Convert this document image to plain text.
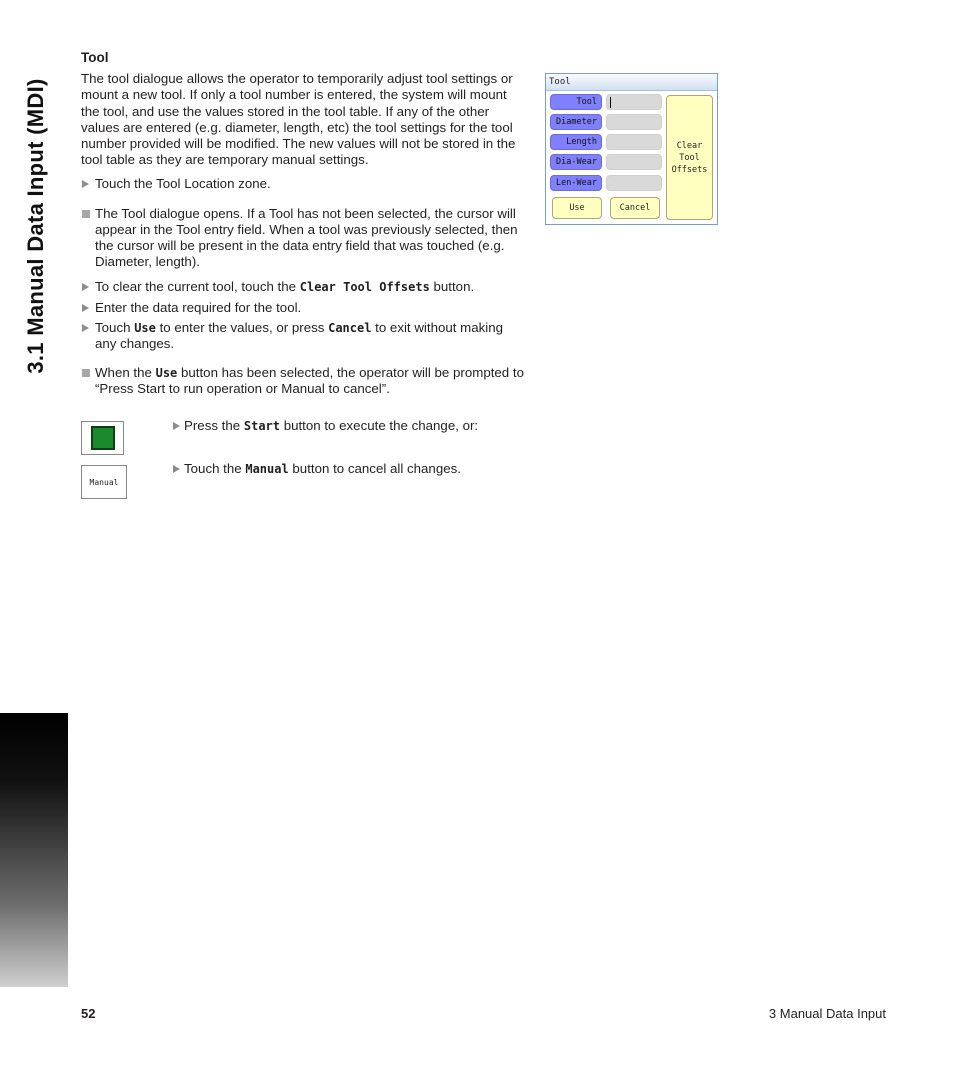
3.1 Manual Data Input (MDI)
Tool

The tool dialogue allows the operator to temporarily adjust tool settings or mount a new tool. If only a tool number is entered, the system will mount the tool, and use the values stored in the tool table. If any of the other values are entered (e.g. diameter, length, etc) the tool settings for the tool number provided will be modified. The new values will not be stored in the tool table as they are temporary manual settings.

Touch the Tool Location zone.
The Tool dialogue opens. If a Tool has not been selected, the cursor will appear in the Tool entry field. When a tool was previously selected, then the cursor will be present in the data entry field that was touched (e.g. Diameter, length).
To clear the current tool, touch the Clear Tool Offsets button.
Enter the data required for the tool.
Touch Use to enter the values, or press Cancel to exit without making any changes.
When the Use button has been selected, the operator will be prompted to “Press Start to run operation or Manual to cancel”.
Press the Start button to execute the change, or:
Manual
Touch the Manual button to cancel all changes.
Tool
Tool
Diameter
Length
Dia-Wear
Len-Wear
Clear
Tool
Offsets
Use	Cancel
52	3 Manual Data Input
